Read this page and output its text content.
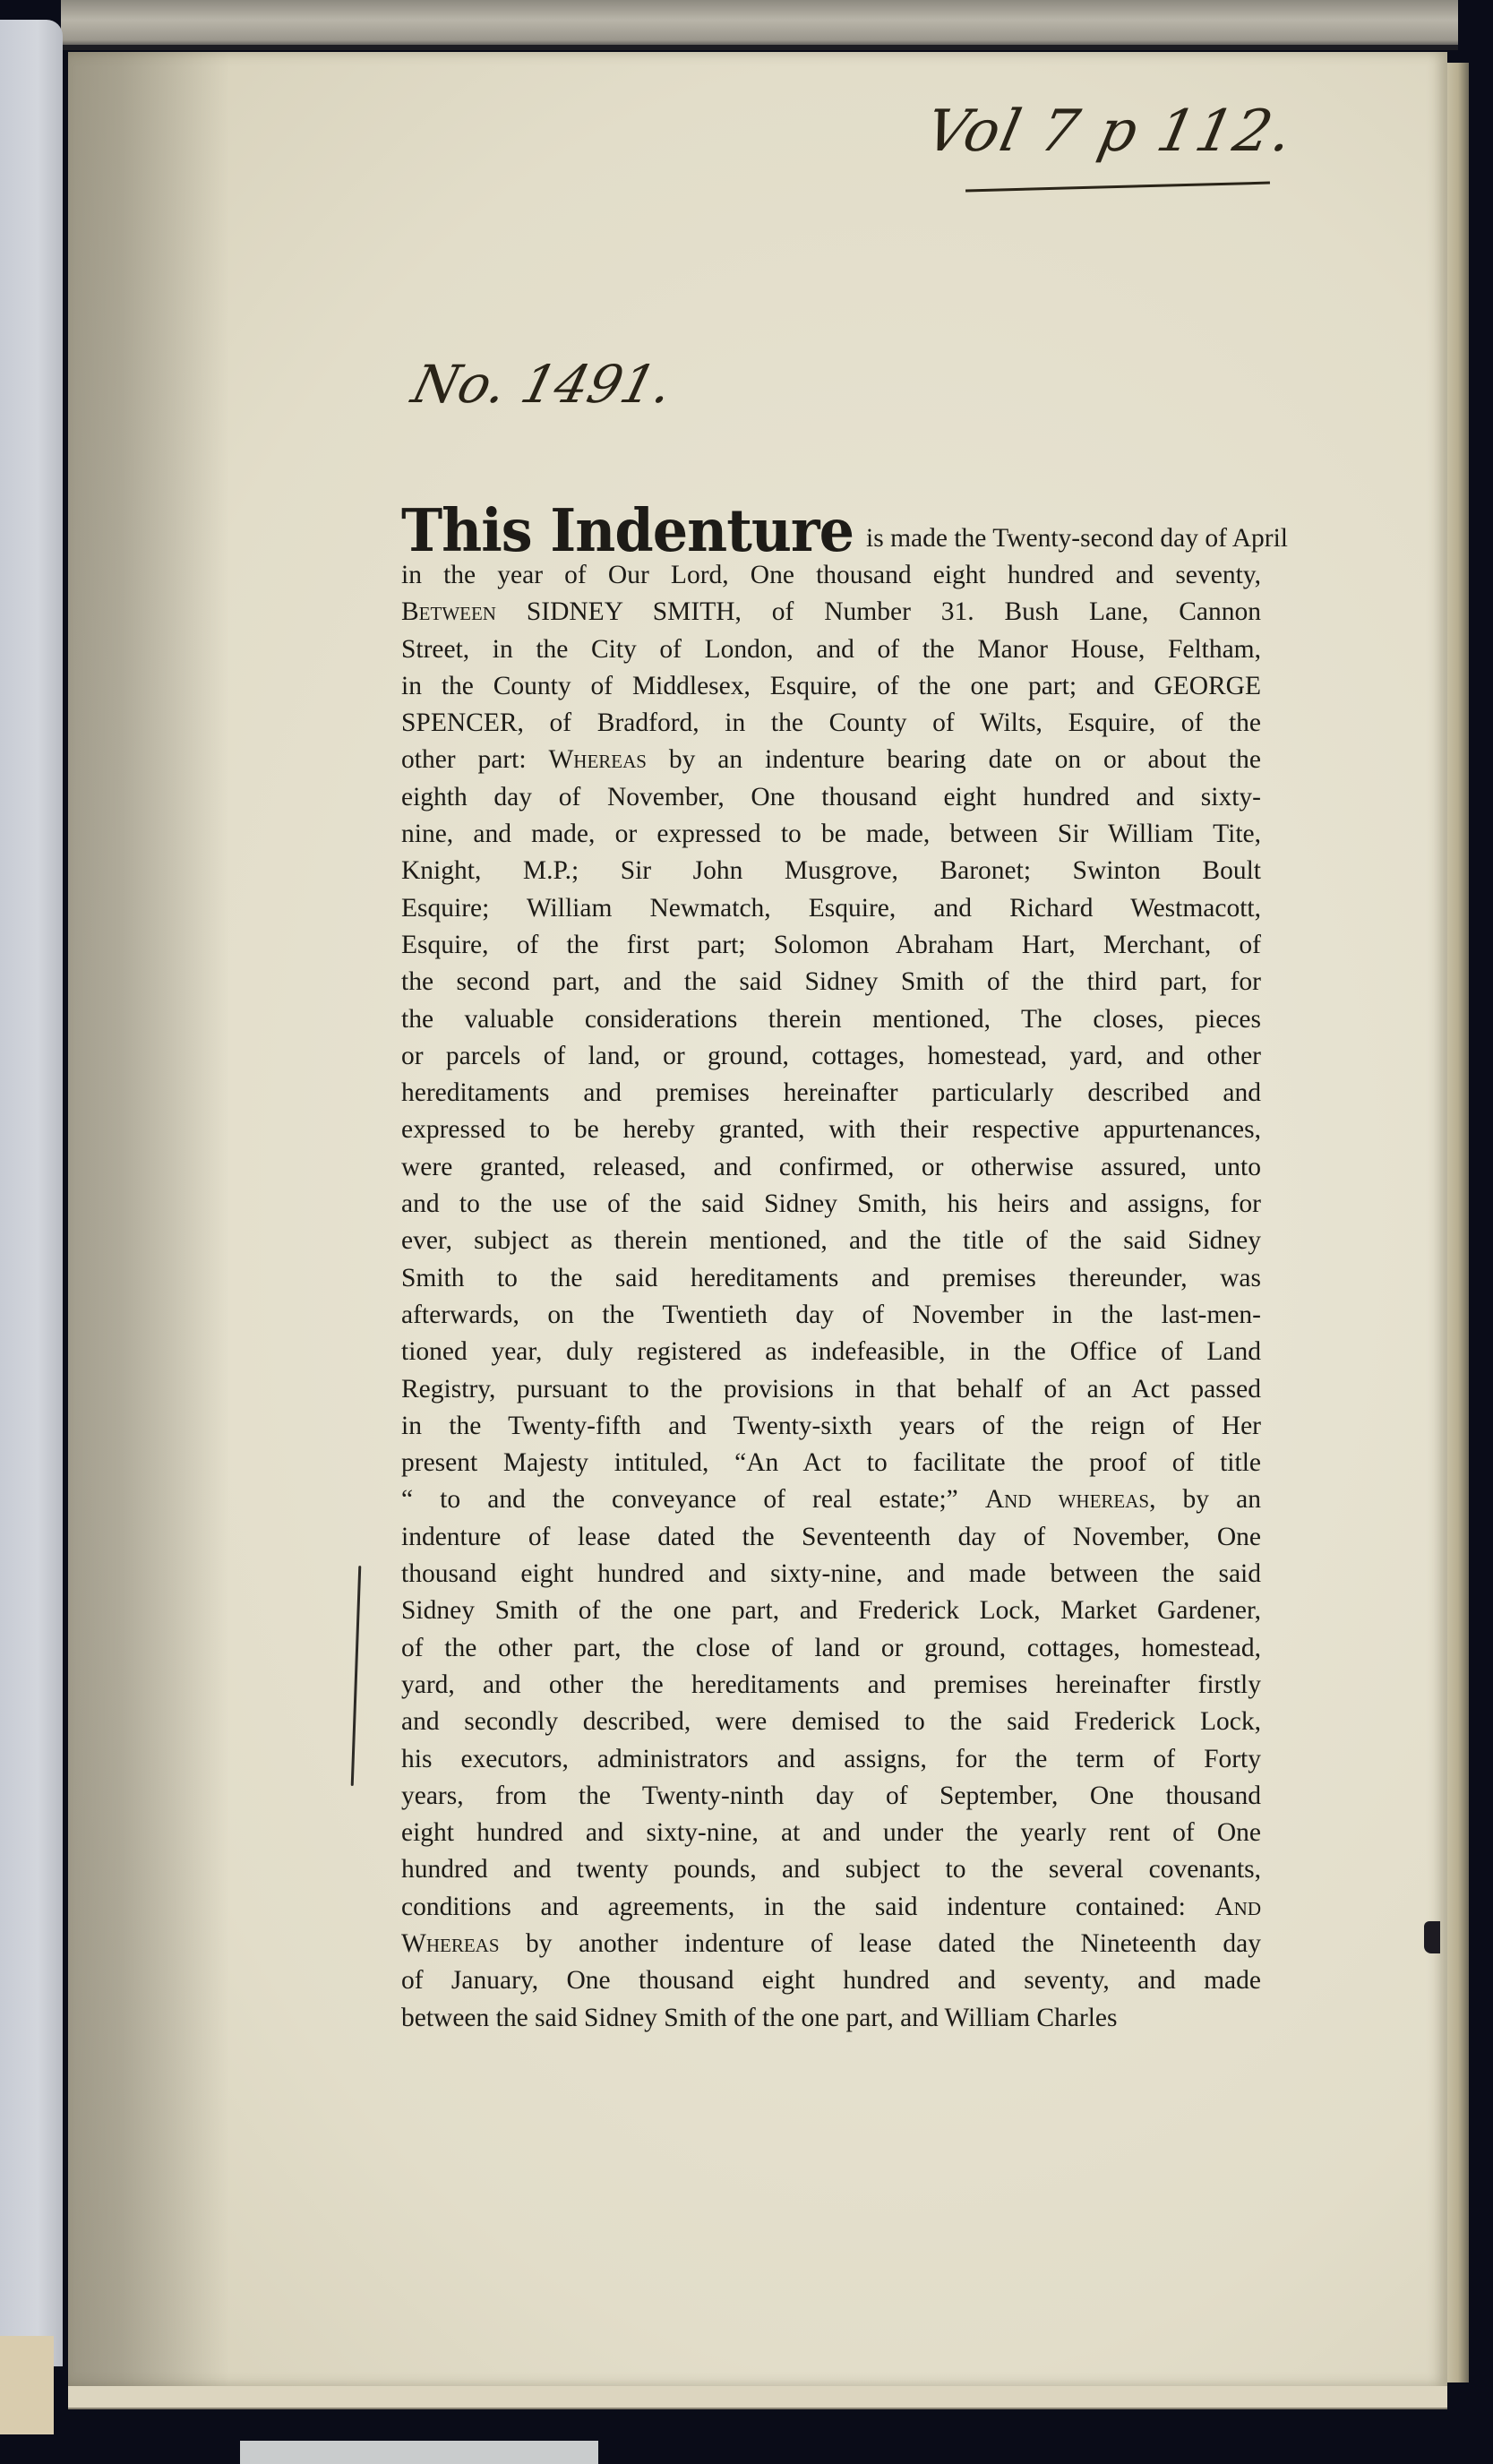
Vol 7 p 112.
No. 1491.
This Indenture is made the Twenty-second day of April
in the year of Our Lord, One thousand eight hundred and seventy,
Between SIDNEY SMITH, of Number 31. Bush Lane, Cannon
Street, in the City of London, and of the Manor House, Feltham,
in the County of Middlesex, Esquire, of the one part; and GEORGE
SPENCER, of Bradford, in the County of Wilts, Esquire, of the
other part: Whereas by an indenture bearing date on or about the
eighth day of November, One thousand eight hundred and sixty-
nine, and made, or expressed to be made, between Sir William Tite,
Knight, M.P.; Sir John Musgrove, Baronet; Swinton Boult
Esquire; William Newmatch, Esquire, and Richard Westmacott,
Esquire, of the first part; Solomon Abraham Hart, Merchant, of
the second part, and the said Sidney Smith of the third part, for
the valuable considerations therein mentioned, The closes, pieces
or parcels of land, or ground, cottages, homestead, yard, and other
hereditaments and premises hereinafter particularly described and
expressed to be hereby granted, with their respective appurtenances,
were granted, released, and confirmed, or otherwise assured, unto
and to the use of the said Sidney Smith, his heirs and assigns, for
ever, subject as therein mentioned, and the title of the said Sidney
Smith to the said hereditaments and premises thereunder, was
afterwards, on the Twentieth day of November in the last-men-
tioned year, duly registered as indefeasible, in the Office of Land
Registry, pursuant to the provisions in that behalf of an Act passed
in the Twenty-fifth and Twenty-sixth years of the reign of Her
present Majesty intituled, “An Act to facilitate the proof of title
“ to and the conveyance of real estate;” And whereas, by an
indenture of lease dated the Seventeenth day of November, One
thousand eight hundred and sixty-nine, and made between the said
Sidney Smith of the one part, and Frederick Lock, Market Gardener,
of the other part, the close of land or ground, cottages, homestead,
yard, and other the hereditaments and premises hereinafter firstly
and secondly described, were demised to the said Frederick Lock,
his executors, administrators and assigns, for the term of Forty
years, from the Twenty-ninth day of September, One thousand
eight hundred and sixty-nine, at and under the yearly rent of One
hundred and twenty pounds, and subject to the several covenants,
conditions and agreements, in the said indenture contained: And
Whereas by another indenture of lease dated the Nineteenth day
of January, One thousand eight hundred and seventy, and made
between the said Sidney Smith of the one part, and William Charles
